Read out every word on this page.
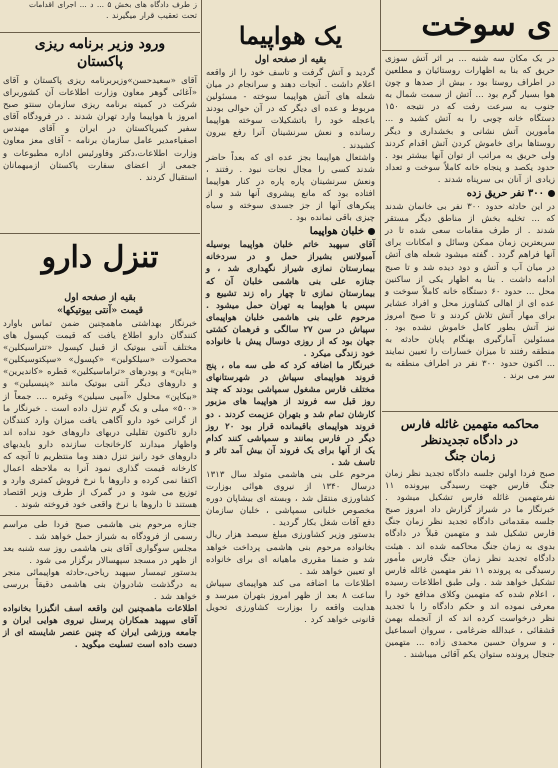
ز طرف دادگاه های بخش ۵ ... د ... اجرای اقدامات

تحت تعقیب قرار میگیرند .

ورود وزیر برنامه ریزی

پاکستان

آقای «سعیدحسن»وزیربرنامه ریزی پاکستان و آقای «آغائی گوهر معاون وزارت اطلاعات آن کشوربرای شرکت در کمیته برنامه ریزی سازمان سنتو صبح امروز با هواپیما وارد تهران شدند . در فرودگاه آقای سفیر کبیرپاکستان در ایران و آقای مهندس اصفیاءمدیر عامل سازمان برنامه - آقای معز معاون وزارت اطلاعات،دکتر وفاورئیس اداره مطبوعات و جمعی از اعضای سفارت پاکستان ازمیهمانان استقبال کردند .

تنزل دارو

بقیه از صفحه اول

قیمت «آنتی بیوتیکها»

خبرنگار بهداشتی ماهمچنین ضمن تماس باوارد کنندگان دارو اطلاع یافت که قیمت کپسول های مختلف آنتی بیوتیک از قبیل کپسول «تتراسیکلین» محصولات «سیلکولین» «کپسول» «سپکتوسیکلین» «بتاپن» و پودرهای «تراماسیکلین» قطره «کاندیرین» و داروهای دیگر آنتی بیوتیک مانند «پنیسیلین» و «بیکاپن» محلول «آمپی سیلین» وغیره .... جمعاً از «۵۰۰» میلی و یک گرم تنزل داده است . خبرنگار ما از گرانی خود دارو آگاهی یافت میزان وارد کنندگان دارو تاکنون تقلیلی دربهای داروهای خود نداده اند واظهار میدارند کارخانجات سازنده دارو بایدبهای داروهای خود رانیز تنزل دهند وما منتظریم تا آنچه که کارخانه قیمت گذاری نمود آنرا به ملاحظه اعمال اکتفا نمی کرده و داروها با نرخ فروش کمتری وارد و توزیع می شود و در گمرک از طرف وزیر اقتصاد هستند تا داروها با نرخ واقعی خود فروخته شوند .

جنازه مرحوم بنی هاشمی صبح فردا طی مراسم رسمی از فرودگاه به شیراز حمل خواهد شد .

مجلس سوگواری آقای بنی هاشمی روز سه شنبه بعد از ظهر در مسجد سپهسالار برگزار می شود .

بدستور تیمسار سپهبد ریاحی،حادثه هواپیمائی منجر به درگذشت شادروان بنی هاشمی دقیقاً بررسی خواهد شد .

اطلاعات ماهمچنین این واقعه اسف انگیزرا بخانواده آقای سپهبد همکاران پرسنل نیروی هوایی ایران و جامعه ورزشی ایران که چنین عنصر شایسته ای از دست داده است تسلیت میگوید .

یک هواپیما

بقیه از صفحه اول

گردید و آتش گرفت و تاسف خود را از واقعه اعلام داشت . آنجات دهند و سرانجام در میان شعله های آتش هواپیما سوخته - مسئولین مربوط و عده ای دیگر که در آن حوالی بودند باعجله خود را باتشکیلات سوخته هواپیما رسانده و نعش سرنشینان آنرا رفع بیرون کشیدند .

واشتعال هواپیما بجز عده ای که بعداً حاضر شدند کسی را مجال نجات نبود . رفتند ، ونعش سرنشینان پاره پاره در کنار هواپیما افتاده بود که مانع پیشروی آنها شد و از پیکرهای آنها از جز جسدی سوخته و سیاه چیزی باقی نمانده بود .

خلبان هواپیما

آقای سپهبد خاتم خلبان هواپیما بوسیله آمبولانس بشیراز حمل و در سردخانه بیمارستان نمازی شیراز نگهداری شد ، و جنازه علی بنی هاشمی خلبان آن که بیمارستان نمازی تا چهار راه زند تشییع و سپس با هواپیما به تهران حمل میشود . مرحوم علی بنی هاشمی خلبان هواپیمای سپیاش در سن ۲۷ سالگی و فرهمان کشتی جهان بود که از روزی دوسال پیش با خانواده خود زندگی میکرد .

خبرنگار ما اضافه کرد که طی سه ماه ، پنج فروند هواپیمای سپیاش در شهرستانهای مختلف فارس مشغول سمپاشی بودند که چند روز قبل سه فروند از هواپیما های مزبور کارشان تمام شد و بتهران عزیمت کردند . دو فروند هواپیمای باقیمانده قرار بود ۲۰ روز دیگر در فارس بمانند و سمپاشی کنند کدام یک از آنها برای یک فروند آن بیش آمد تاثر و تاسف شد .

مرحوم علی بنی هاشمی متولد سال ۱۳۱۳ درسال ۱۳۴۰ از نیروی هوائی بوزارت کشاورزی منتقل شد ، وبسته ای بیشاپان دوره مخصوص خلبانی سمپاشی ، خلبان سازمان دفع آفات شغل بکار گردید .

بدستور وزیر کشاورزی مبلغ سیصد هزار ریال بخانواده مرحوم بنی هاشمی پرداخت خواهد شد و ضمنا مقرری ماهیانه ای برای خانواده او تعیین خواهد شد .

اطلاعات ما اضافه می کند هواپیمای سپیاش ساعت ۸ بعد از ظهر امروز بتهران میرسد و هدایت واقعه را بوزارت کشاورزی تحویل قانونی خواهد کرد .

ی سوخت

در یک مکان سه شنبه ... بر اثر آتش سوزی حریق که بنا به اظهارات روستائیان و مطلعین در اطراف روستا بود ، بیش از صدها و چون هوا بسیار گرم بود ... آتش از سمت شمال به جنوب به سرعت رفت که در نتیجه ۱۵۰ دستگاه خانه چوبی را به آتش کشید و ... مأمورین آتش نشانی و بخشداری و دیگر روستاها برای خاموش کردن آتش اقدام کردند ولی حریق به مراتب از توان آنها بیشتر بود . حدود یکصد و پنجاه خانه کاملاً سوخت و تعداد زیادی از آنان بی سرپناه شدند .

۳۰۰ نفر حریق زده

در این حادثه حدود ۳۰۰ نفر بی خانمان شدند که ... تخلیه بخش از مناطق دیگر مستقر شدند . از طرف مقامات سعی شده تا در سریعترین زمان ممکن وسائل و امکانات برای آنها فراهم گردد . گفته میشود شعله های آتش در میان آب و آتش و دود دیده شد و تا صبح ادامه داشت . بنا به اظهار یکی از ساکنین محل ... حدود ۶۰ دستگاه خانه کاملاً سوخت و عده ای از اهالی کشاورز محل و افراد عشایر برای مهار آتش تلاش کردند و تا صبح امروز نیز آتش بطور کامل خاموش نشده بود . مسئولین آمارگیری بهنگام پایان حادثه به منطقه رفتند تا میزان خسارات را تعیین نمایند ... اکنون حدود ۳۰۰ نفر در اطراف منطقه به سر می برند .

محاکمه متهمین غائله فارس

در دادگاه تجدیدنظر

زمان جنگ

صبح فردا اولین جلسه دادگاه تجدید نظر زمان جنگ فارس جهت رسیدگی بپرونده ۱۱ نفرمتهمین غائله فارس تشکیل میشود . خبرنگار ما در شیراز گزارش داد امروز صبح جلسه مقدماتی دادگاه تجدید نظر زمان جنگ فارس تشکیل شد و متهمین قبلاً در دادگاه بدوی به زمان جنگ محاکمه شده اند . هیئت دادگاه تجدید نظر زمان جنگ فارس مأمور رسیدگی به پرونده ۱۱ نفر متهمین غائله فارس تشکیل خواهد شد . ولی طبق اطلاعات رسیده ، اعلام شده که متهمین وکلای مدافع خود را معرفی نموده اند و حکم دادگاه را با تجدید نظر درخواست کرده اند که از آنجمله بهمن قشقائی ، عبدالله ضرغامی ، سروان اسماعیل ، و سروان حسین محمدی زاده ... متهمین جنجال پرونده ستوان یکم آقائی میباشند .
